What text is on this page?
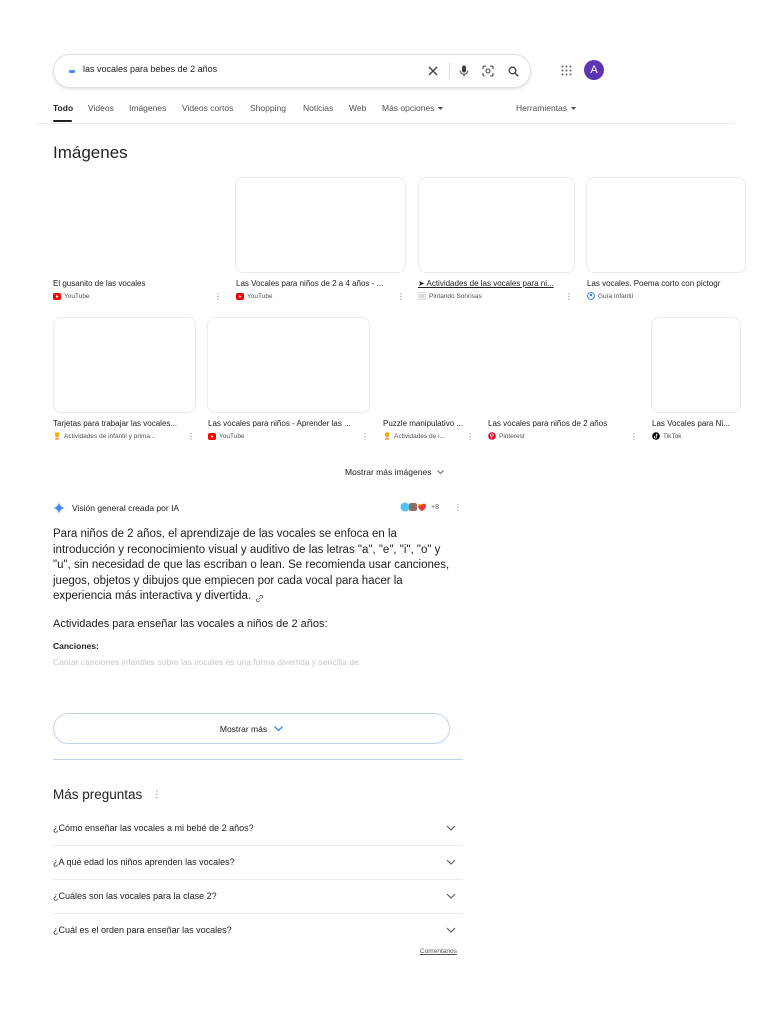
las vocales para bebes de 2 años	A
Todo Videos Imágenes Videos cortos Shopping Noticias Web Más opciones	Herramientas
Imágenes
El gusanito de las vocales
YouTube	⋮
Las Vocales para niños de 2 a 4 años - ...
YouTube	⋮
➤ Actividades de las vocales para ni...
Pintando Sonrisas	⋮
Las vocales. Poema corto con pictogr
Guía Infantil
Tarjetas para trabajar las vocales...
Actividades de infantil y prima...	⋮
Las vocales para niños - Aprender las ...
YouTube	⋮
Puzzle manipulativo ...
Actividades de i...	⋮
Las vocales para niños de 2 años
Pinterest	⋮
Las Vocales para Ni...
TikTok
Mostrar más imágenes
Visión general creada por IA	+8 ⋮
Para niños de 2 años, el aprendizaje de las vocales se enfoca en la introducción y reconocimiento visual y auditivo de las letras "a", "e", "i", "o" y "u", sin necesidad de que las escriban o lean. Se recomienda usar canciones, juegos, objetos y dibujos que empiecen por cada vocal para hacer la experiencia más interactiva y divertida.
Actividades para enseñar las vocales a niños de 2 años:
Canciones:
Cantar canciones infantiles sobre las vocales es una forma divertida y sencilla de
Mostrar más
Más preguntas ⋮
¿Cómo enseñar las vocales a mi bebé de 2 años?
¿A qué edad los niños aprenden las vocales?
¿Cuáles son las vocales para la clase 2?
¿Cuál es el orden para enseñar las vocales?
Comentarios
